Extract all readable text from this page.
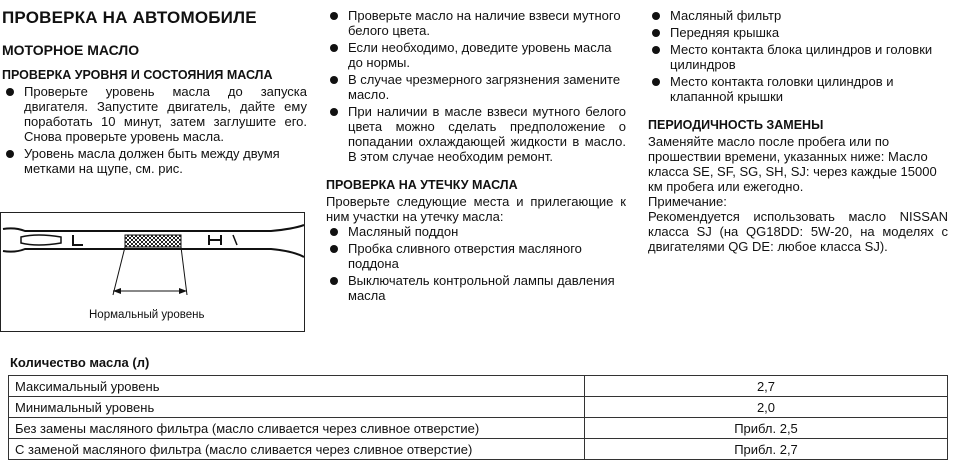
ПРОВЕРКА НА АВТОМОБИЛЕ
МОТОРНОЕ МАСЛО
ПРОВЕРКА УРОВНЯ И СОСТОЯНИЯ МАСЛА
Проверьте уровень масла до запуска двигателя. Запустите двигатель, дайте ему поработать 10 минут, затем заглушите его. Снова проверьте уровень масла.
Уровень масла должен быть между двумя метками на щупе, см. рис.
Нормальный уровень
Проверьте масло на наличие взвеси мутного белого цвета.
Если необходимо, доведите уровень масла до нормы.
В случае чрезмерного загрязнения замените масло.
При наличии в масле взвеси мутного белого цвета можно сделать предположение о попадании охлаждающей жидкости в масло. В этом случае необходим ремонт.
ПРОВЕРКА НА УТЕЧКУ МАСЛА

Проверьте следующие места и прилегающие к ним участки на утечку масла:

Масляный поддон
Пробка сливного отверстия масляного поддона
Выключатель контрольной лампы давления масла
Масляный фильтр
Передняя крышка
Место контакта блока цилиндров и головки цилиндров
Место контакта головки цилиндров и клапанной крышки
ПЕРИОДИЧНОСТЬ ЗАМЕНЫ

Заменяйте масло после пробега или по прошествии времени, указанных ниже: Масло класса SE, SF, SG, SH, SJ: через каждые 15000 км пробега или ежегодно.

Примечание:

Рекомендуется использовать масло NISSAN класса SJ (на QG18DD: 5W-20, на моделях с двигателями QG DE: любое класса SJ).

Количество масла (л)
Максимальный уровень	2,7
Минимальный уровень	2,0
Без замены масляного фильтра (масло сливается через сливное отверстие)	Прибл. 2,5
С заменой масляного фильтра (масло сливается через сливное отверстие)	Прибл. 2,7
